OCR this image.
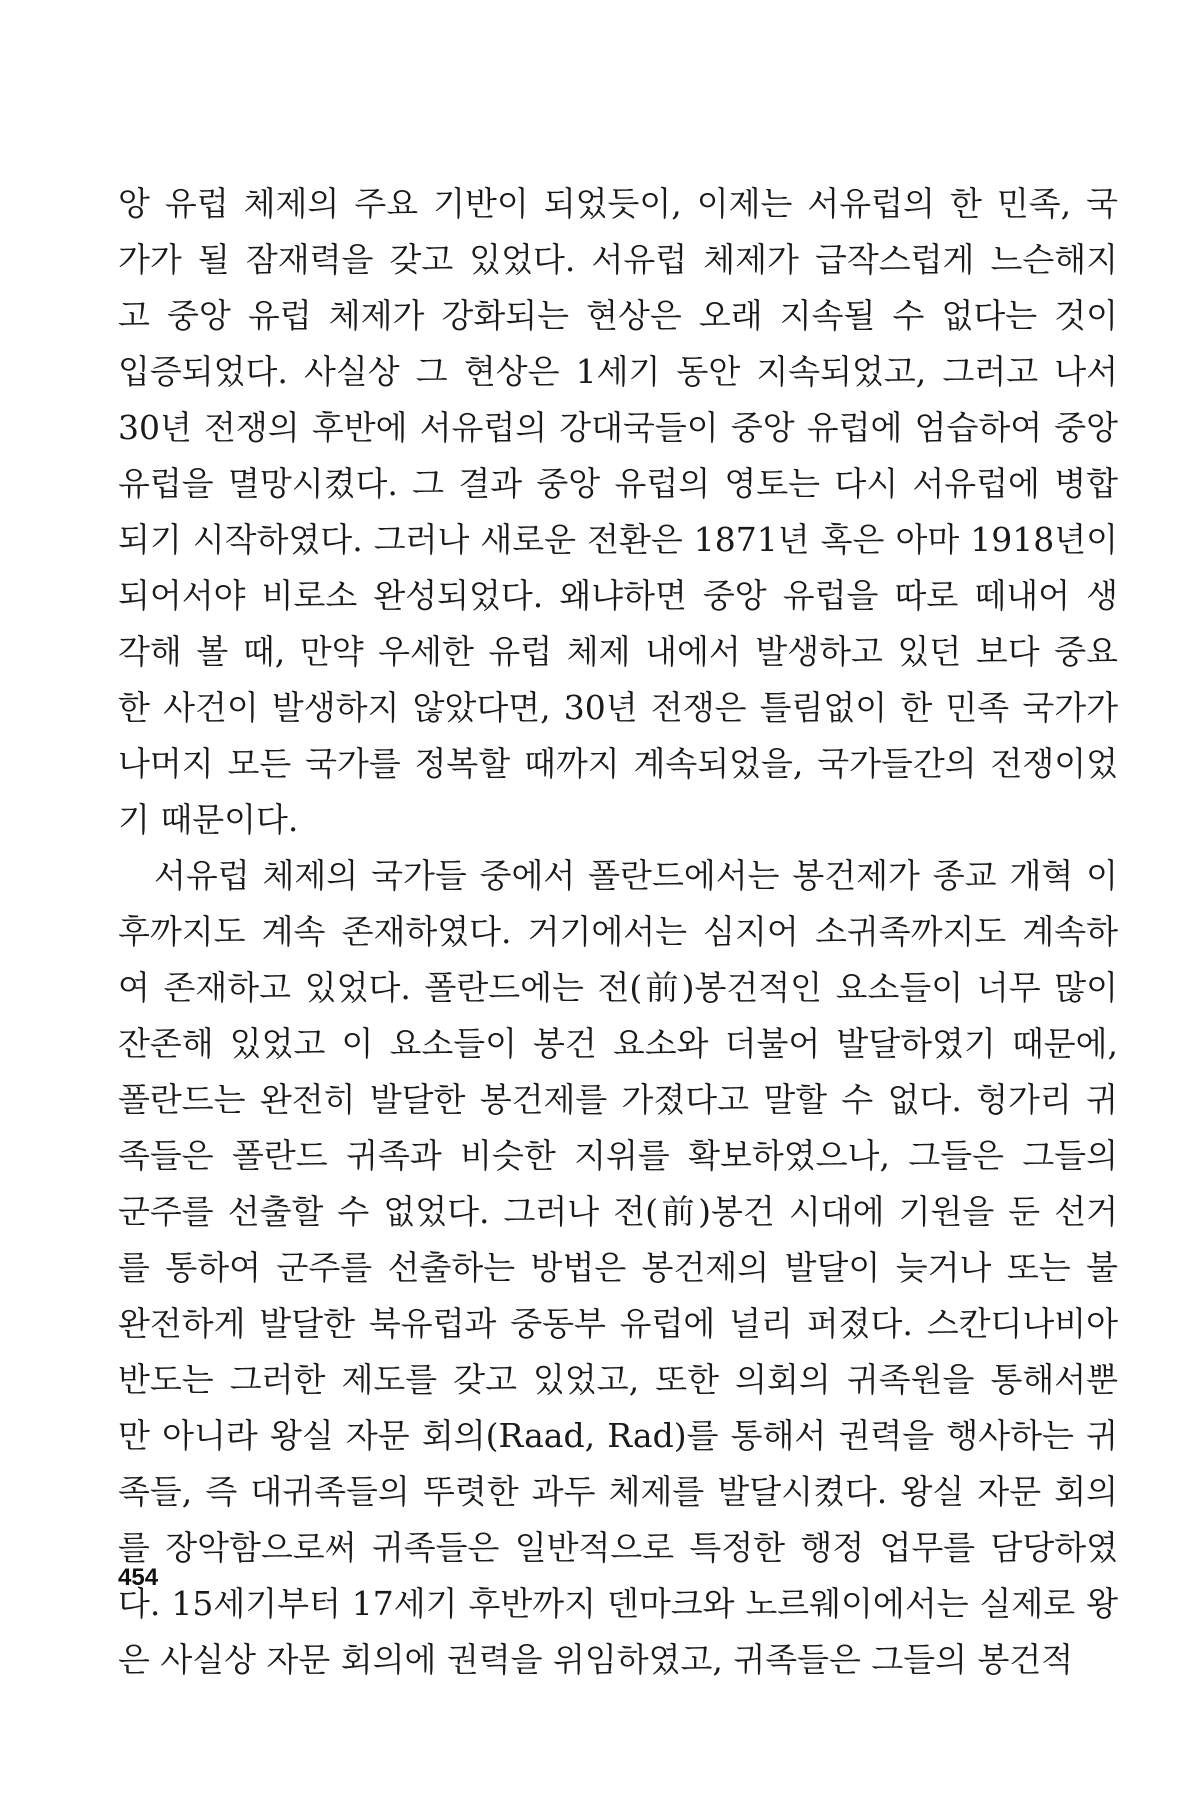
앙 유럽 체제의 주요 기반이 되었듯이, 이제는 서유럽의 한 민족, 국
가가 될 잠재력을 갖고 있었다. 서유럽 체제가 급작스럽게 느슨해지
고 중앙 유럽 체제가 강화되는 현상은 오래 지속될 수 없다는 것이
입증되었다. 사실상 그 현상은 1세기 동안 지속되었고, 그러고 나서
30년 전쟁의 후반에 서유럽의 강대국들이 중앙 유럽에 엄습하여 중앙
유럽을 멸망시켰다. 그 결과 중앙 유럽의 영토는 다시 서유럽에 병합
되기 시작하였다. 그러나 새로운 전환은 1871년 혹은 아마 1918년이
되어서야 비로소 완성되었다. 왜냐하면 중앙 유럽을 따로 떼내어 생
각해 볼 때, 만약 우세한 유럽 체제 내에서 발생하고 있던 보다 중요
한 사건이 발생하지 않았다면, 30년 전쟁은 틀림없이 한 민족 국가가
나머지 모든 국가를 정복할 때까지 계속되었을, 국가들간의 전쟁이었
기 때문이다.
서유럽 체제의 국가들 중에서 폴란드에서는 봉건제가 종교 개혁 이
후까지도 계속 존재하였다. 거기에서는 심지어 소귀족까지도 계속하
여 존재하고 있었다. 폴란드에는 전(前)봉건적인 요소들이 너무 많이
잔존해 있었고 이 요소들이 봉건 요소와 더불어 발달하였기 때문에,
폴란드는 완전히 발달한 봉건제를 가졌다고 말할 수 없다. 헝가리 귀
족들은 폴란드 귀족과 비슷한 지위를 확보하였으나, 그들은 그들의
군주를 선출할 수 없었다. 그러나 전(前)봉건 시대에 기원을 둔 선거
를 통하여 군주를 선출하는 방법은 봉건제의 발달이 늦거나 또는 불
완전하게 발달한 북유럽과 중동부 유럽에 널리 퍼졌다. 스칸디나비아
반도는 그러한 제도를 갖고 있었고, 또한 의회의 귀족원을 통해서뿐
만 아니라 왕실 자문 회의(Raad, Rad)를 통해서 권력을 행사하는 귀
족들, 즉 대귀족들의 뚜렷한 과두 체제를 발달시켰다. 왕실 자문 회의
를 장악함으로써 귀족들은 일반적으로 특정한 행정 업무를 담당하였
다. 15세기부터 17세기 후반까지 덴마크와 노르웨이에서는 실제로 왕
은 사실상 자문 회의에 권력을 위임하였고, 귀족들은 그들의 봉건적
454
